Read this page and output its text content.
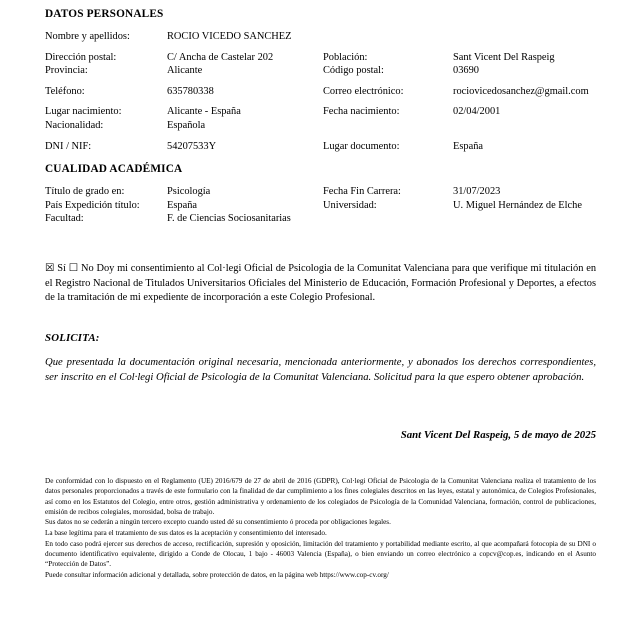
DATOS PERSONALES
Nombre y apellidos:	ROCIO VICEDO SANCHEZ
Dirección postal:	C/ Ancha de Castelar 202	Población:	Sant Vicent Del Raspeig
Provincia:	Alicante	Código postal:	03690
Teléfono:	635780338	Correo electrónico:	rociovicedosanchez@gmail.com
Lugar nacimiento:	Alicante - España	Fecha nacimiento:	02/04/2001
Nacionalidad:	Española
DNI / NIF:	54207533Y	Lugar documento:	España
CUALIDAD ACADÉMICA
Título de grado en:	Psicología	Fecha Fin Carrera:	31/07/2023
País Expedición título:	España	Universidad:	U. Miguel Hernández de Elche
Facultad:	F. de Ciencias Sociosanitarias
☒ Sí ☐ No Doy mi consentimiento al Col·legi Oficial de Psicologia de la Comunitat Valenciana para que verifique mi titulación en el Registro Nacional de Titulados Universitarios Oficiales del Ministerio de Educación, Formación Profesional y Deportes, a efectos de la tramitación de mi expediente de incorporación a este Colegio Profesional.
SOLICITA:
Que presentada la documentación original necesaria, mencionada anteriormente, y abonados los derechos correspondientes, ser inscrito en el Col·legi Oficial de Psicologia de la Comunitat Valenciana. Solicitud para la que espero obtener aprobación.
Sant Vicent Del Raspeig, 5 de mayo de 2025

De conformidad con lo dispuesto en el Reglamento (UE) 2016/679 de 27 de abril de 2016 (GDPR), Col·legi Oficial de Psicologia de la Comunitat Valenciana realiza el tratamiento de los datos personales proporcionados a través de este formulario con la finalidad de dar cumplimiento a los fines colegiales descritos en las leyes, estatal y autonómica, de Colegios Profesionales, así como en los Estatutos del Colegio, entre otros, gestión administrativa y ordenamiento de los colegiados de Psicología de la Comunidad Valenciana, formación, control de publicaciones, emisión de recibos colegiales, morosidad, bolsa de trabajo.

Sus datos no se cederán a ningún tercero excepto cuando usted dé su consentimiento ó proceda por obligaciones legales.

La base legítima para el tratamiento de sus datos es la aceptación y consentimiento del interesado.

En todo caso podrá ejercer sus derechos de acceso, rectificación, supresión y oposición, limitación del tratamiento y portabilidad mediante escrito, al que acompañará fotocopia de su DNI o documento identificativo equivalente, dirigido a Conde de Olocau, 1 bajo - 46003 Valencia (España), o bien enviando un correo electrónico a copcv@cop.es, indicando en el Asunto “Protección de Datos”.

Puede consultar información adicional y detallada, sobre protección de datos, en la página web https://www.cop-cv.org/
